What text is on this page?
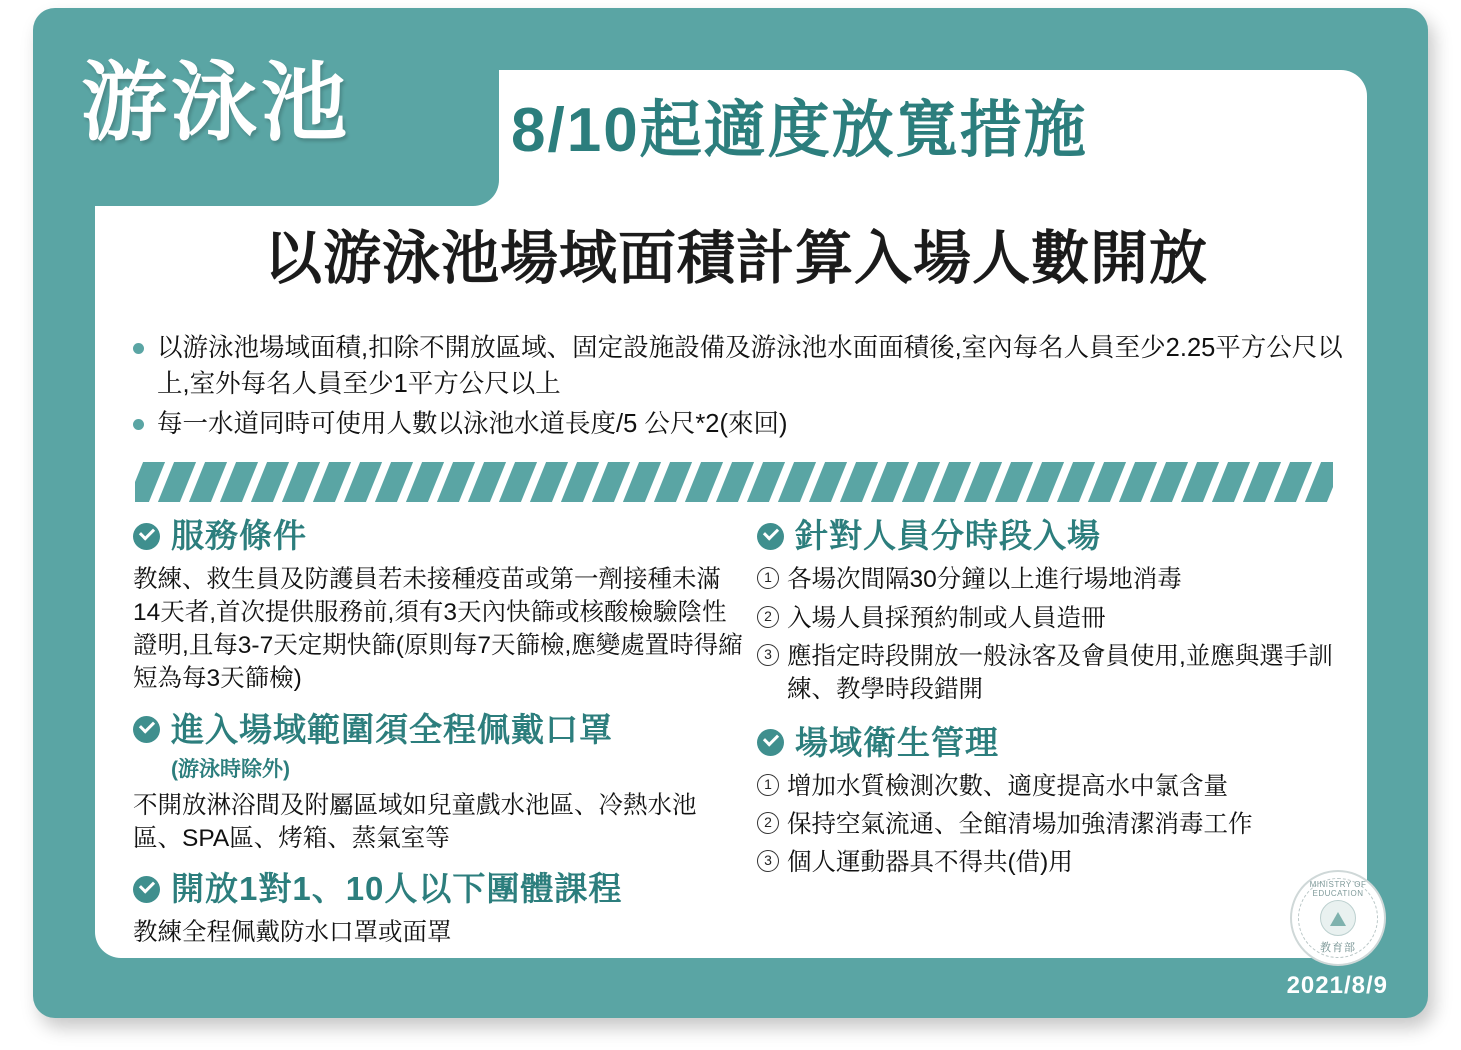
以游泳池場域面積計算入場人數開放
以游泳池場域面積,扣除不開放區域、固定設施設備及游泳池水面面積後,室內每名人員至少2.25平方公尺以上,室外每名人員至少1平方公尺以上
每一水道同時可使用人數以泳池水道長度/5 公尺*2(來回)
服務條件

教練、救生員及防護員若未接種疫苗或第一劑接種未滿14天者,首次提供服務前,須有3天內快篩或核酸檢驗陰性證明,且每3-7天定期快篩(原則每7天篩檢,應變處置時得縮短為每3天篩檢)

進入場域範圍須全程佩戴口罩
(游泳時除外)

不開放淋浴間及附屬區域如兒童戲水池區、冷熱水池區、SPA區、烤箱、蒸氣室等

開放1對1、10人以下團體課程

教練全程佩戴防水口罩或面罩

針對人員分時段入場
1 各場次間隔30分鐘以上進行場地消毒
2 入場人員採預約制或人員造冊
3 應指定時段開放一般泳客及會員使用,並應與選手訓練、教學時段錯開
場域衛生管理
1 增加水質檢測次數、適度提高水中氯含量
2 保持空氣流通、全館清場加強清潔消毒工作
3 個人運動器具不得共(借)用
游泳池	8/10起適度放寬措施
MINISTRY OF EDUCATION
教育部
2021/8/9
